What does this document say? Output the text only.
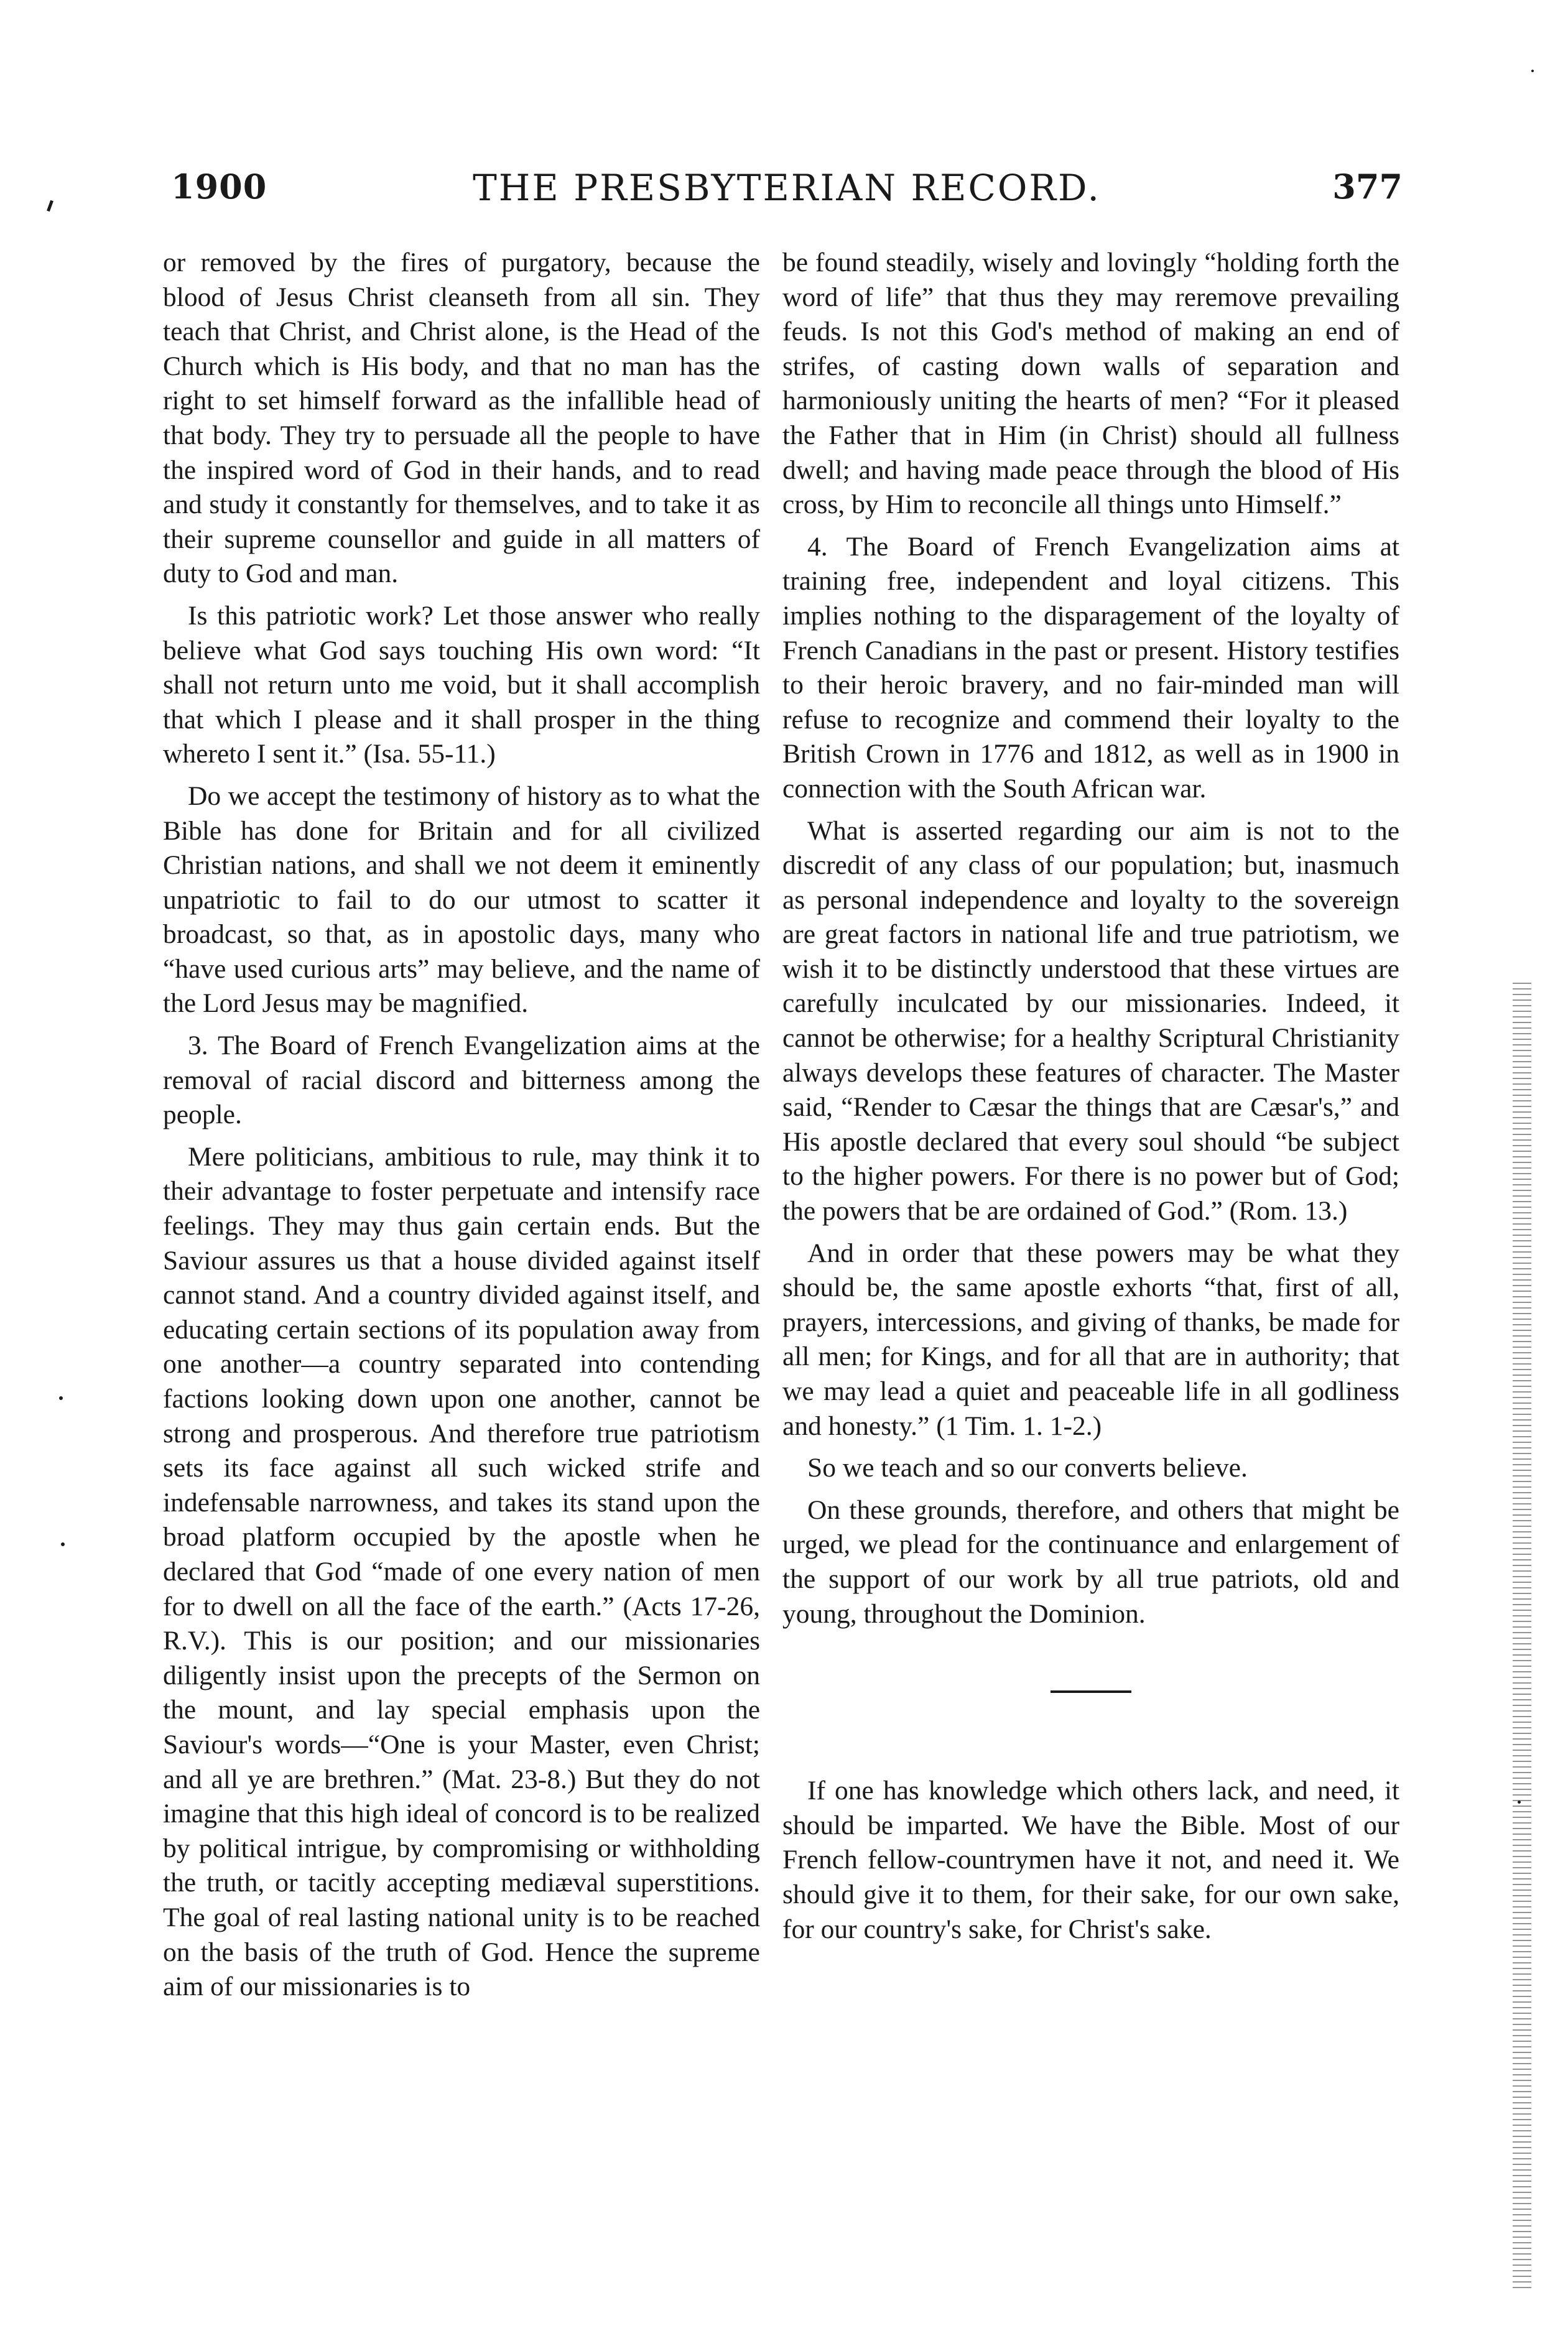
1900	THE PRESBYTERIAN RECORD.	377

or removed by the fires of purgatory, because the blood of Jesus Christ cleanseth from all sin. They teach that Christ, and Christ alone, is the Head of the Church which is His body, and that no man has the right to set himself forward as the infallible head of that body. They try to persuade all the people to have the inspired word of God in their hands, and to read and study it constantly for themselves, and to take it as their supreme counsellor and guide in all matters of duty to God and man.

Is this patriotic work? Let those answer who really believe what God says touching His own word: “It shall not return unto me void, but it shall accomplish that which I please and it shall prosper in the thing whereto I sent it.” (Isa. 55-11.)

Do we accept the testimony of history as to what the Bible has done for Britain and for all civilized Christian nations, and shall we not deem it eminently unpatriotic to fail to do our utmost to scatter it broadcast, so that, as in apostolic days, many who “have used curious arts” may believe, and the name of the Lord Jesus may be magnified.

3. The Board of French Evangelization aims at the removal of racial discord and bitterness among the people.

Mere politicians, ambitious to rule, may think it to their advantage to foster perpetuate and intensify race feelings. They may thus gain certain ends. But the Saviour assures us that a house divided against itself cannot stand. And a country divided against itself, and educating certain sections of its population away from one another—a country separated into contending factions looking down upon one another, cannot be strong and prosperous. And therefore true patriotism sets its face against all such wicked strife and indefensable narrowness, and takes its stand upon the broad platform occupied by the apostle when he declared that God “made of one every nation of men for to dwell on all the face of the earth.” (Acts 17-26, R.V.). This is our position; and our missionaries diligently insist upon the precepts of the Sermon on the mount, and lay special emphasis upon the Saviour's words—“One is your Master, even Christ; and all ye are brethren.” (Mat. 23-8.) But they do not imagine that this high ideal of concord is to be realized by political intrigue, by compromising or withholding the truth, or tacitly accepting mediæval superstitions. The goal of real lasting national unity is to be reached on the basis of the truth of God. Hence the supreme aim of our missionaries is to

be found steadily, wisely and lovingly “holding forth the word of life” that thus they may reremove prevailing feuds. Is not this God's method of making an end of strifes, of casting down walls of separation and harmoniously uniting the hearts of men? “For it pleased the Father that in Him (in Christ) should all fullness dwell; and having made peace through the blood of His cross, by Him to reconcile all things unto Himself.”

4. The Board of French Evangelization aims at training free, independent and loyal citizens. This implies nothing to the disparagement of the loyalty of French Canadians in the past or present. History testifies to their heroic bravery, and no fair-minded man will refuse to recognize and commend their loyalty to the British Crown in 1776 and 1812, as well as in 1900 in connection with the South African war.

What is asserted regarding our aim is not to the discredit of any class of our population; but, inasmuch as personal independence and loyalty to the sovereign are great factors in national life and true patriotism, we wish it to be distinctly understood that these virtues are carefully inculcated by our missionaries. Indeed, it cannot be otherwise; for a healthy Scriptural Christianity always develops these features of character. The Master said, “Render to Cæsar the things that are Cæsar's,” and His apostle declared that every soul should “be subject to the higher powers. For there is no power but of God; the powers that be are ordained of God.” (Rom. 13.)

And in order that these powers may be what they should be, the same apostle exhorts “that, first of all, prayers, intercessions, and giving of thanks, be made for all men; for Kings, and for all that are in authority; that we may lead a quiet and peaceable life in all godliness and honesty.” (1 Tim. 1. 1-2.)

So we teach and so our converts believe.

On these grounds, therefore, and others that might be urged, we plead for the continuance and enlargement of the support of our work by all true patriots, old and young, throughout the Dominion.

If one has knowledge which others lack, and need, it should be imparted. We have the Bible. Most of our French fellow-countrymen have it not, and need it. We should give it to them, for their sake, for our own sake, for our country's sake, for Christ's sake.
